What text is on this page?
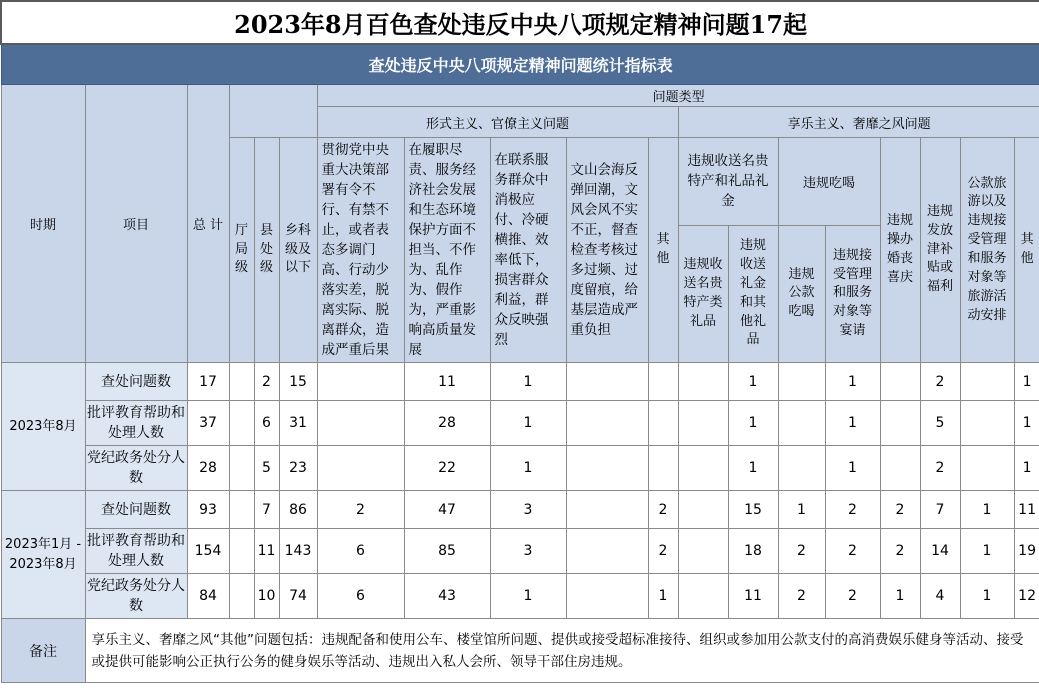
2023年8月百色查处违反中央八项规定精神问题17起																		
查处违反中央八项规定精神问题统计指标表																		
时期	项目	总 计				问题类型												
						形式主义、官僚主义问题					享乐主义、奢靡之风问题							

			厅局级	县处级	乡科级及以下	贯彻党中央重大决策部署有令不行、有禁不止，或者表态多调门高、行动少落实差，脱离实际、脱离群众，造成严重后果	在履职尽责、服务经济社会发展和生态环境保护方面不担当、不作为、乱作为、假作为，严重影响高质量发展	在联系服务群众中消极应付、冷硬横推、效率低下，损害群众利益，群众反映强烈	文山会海反弹回潮，文风会风不实不正，督查检查考核过多过频、过度留痕，给基层造成严重负担	其他	违规收送名贵特产和礼品礼金		违规吃喝		违规操办婚丧喜庆	违规发放津补贴或福利	公款旅游以及违规接受管理和服务对象等旅游活动安排	其他

											违规收送名贵特产类礼品	违规收送礼金和其他礼品	违规公款吃喝	违规接受管理和服务对象等宴请				

2023年8月	查处问题数	17		2	15		11	1				1		1		2		1
	批评教育帮助和处理人数	37		6	31		28	1				1		1		5		1
	党纪政务处分人数	28		5	23		22	1				1		1		2		1
2023年1月 - 2023年8月	查处问题数	93		7	86	2	47	3		2		15	1	2	2	7	1	11
	批评教育帮助和处理人数	154		11	143	6	85	3		2		18	2	2	2	14	1	19
	党纪政务处分人数	84		10	74	6	43	1		1		11	2	2	1	4	1	12
备注	享乐主义、奢靡之风“其他”问题包括：违规配备和使用公车、楼堂馆所问题、提供或接受超标准接待、组织或参加用公款支付的高消费娱乐健身等活动、接受或提供可能影响公正执行公务的健身娱乐等活动、违规出入私人会所、领导干部住房违规。																	
